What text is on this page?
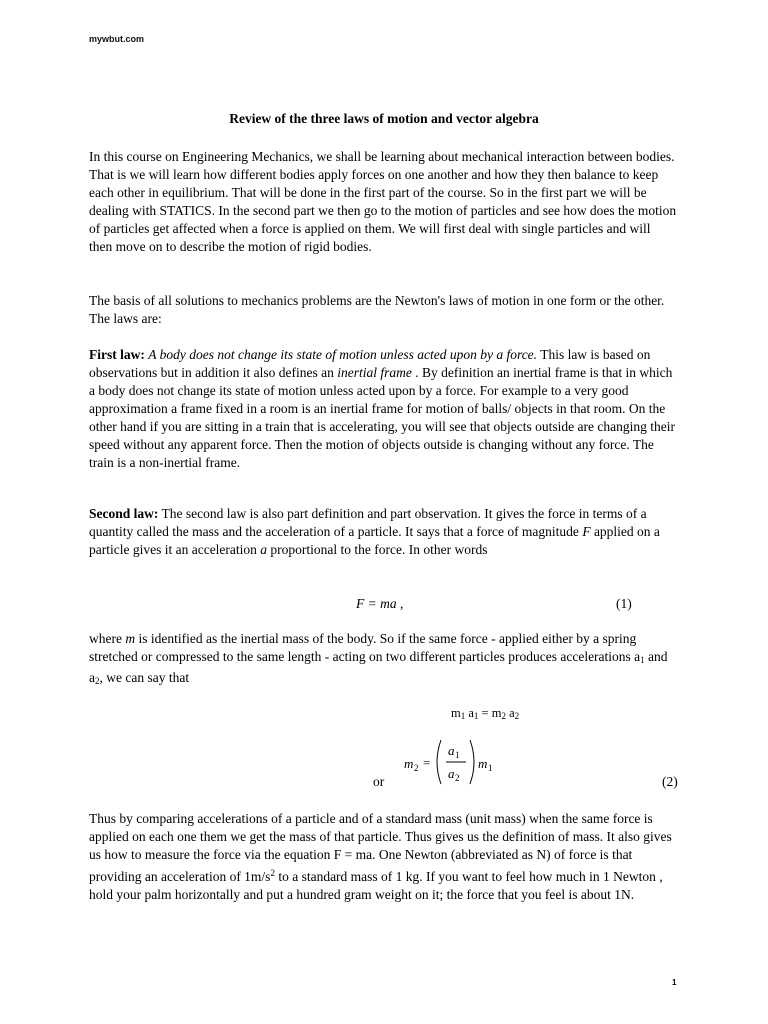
mywbut.com
Review of the three laws of motion and vector algebra

In this course on Engineering Mechanics, we shall be learning about mechanical interaction between bodies. That is we will learn how different bodies apply forces on one another and how they then balance to keep each other in equilibrium. That will be done in the first part of the course. So in the first part we will be dealing with STATICS. In the second part we then go to the motion of particles and see how does the motion of particles get affected when a force is applied on them. We will first deal with single particles and will then move on to describe the motion of rigid bodies.

The basis of all solutions to mechanics problems are the Newton's laws of motion in one form or the other. The laws are:

First law: A body does not change its state of motion unless acted upon by a force. This law is based on observations but in addition it also defines an inertial frame . By definition an inertial frame is that in which a body does not change its state of motion unless acted upon by a force. For example to a very good approximation a frame fixed in a room is an inertial frame for motion of balls/ objects in that room. On the other hand if you are sitting in a train that is accelerating, you will see that objects outside are changing their speed without any apparent force. Then the motion of objects outside is changing without any force. The train is a non-inertial frame.

Second law: The second law is also part definition and part observation. It gives the force in terms of a quantity called the mass and the acceleration of a particle. It says that a force of magnitude F applied on a particle gives it an acceleration a proportional to the force. In other words

F = ma ,	(1)

where m is identified as the inertial mass of the body. So if the same force - applied either by a spring stretched or compressed to the same length - acting on two different particles produces accelerations $a_1$ and $a_2$, we can say that

$m_1$ $a_1 = m_2$ $a_2$
m 2 =
a 1
a 2
m 1
or	(2)

Thus by comparing accelerations of a particle and of a standard mass (unit mass) when the same force is applied on each one them we get the mass of that particle. Thus gives us the definition of mass. It also gives us how to measure the force via the equation F = ma. One Newton (abbreviated as N) of force is that providing an acceleration of $1m/s^2$ to a standard mass of 1 kg. If you want to feel how much in 1 Newton , hold your palm horizontally and put a hundred gram weight on it; the force that you feel is about 1N.

1
